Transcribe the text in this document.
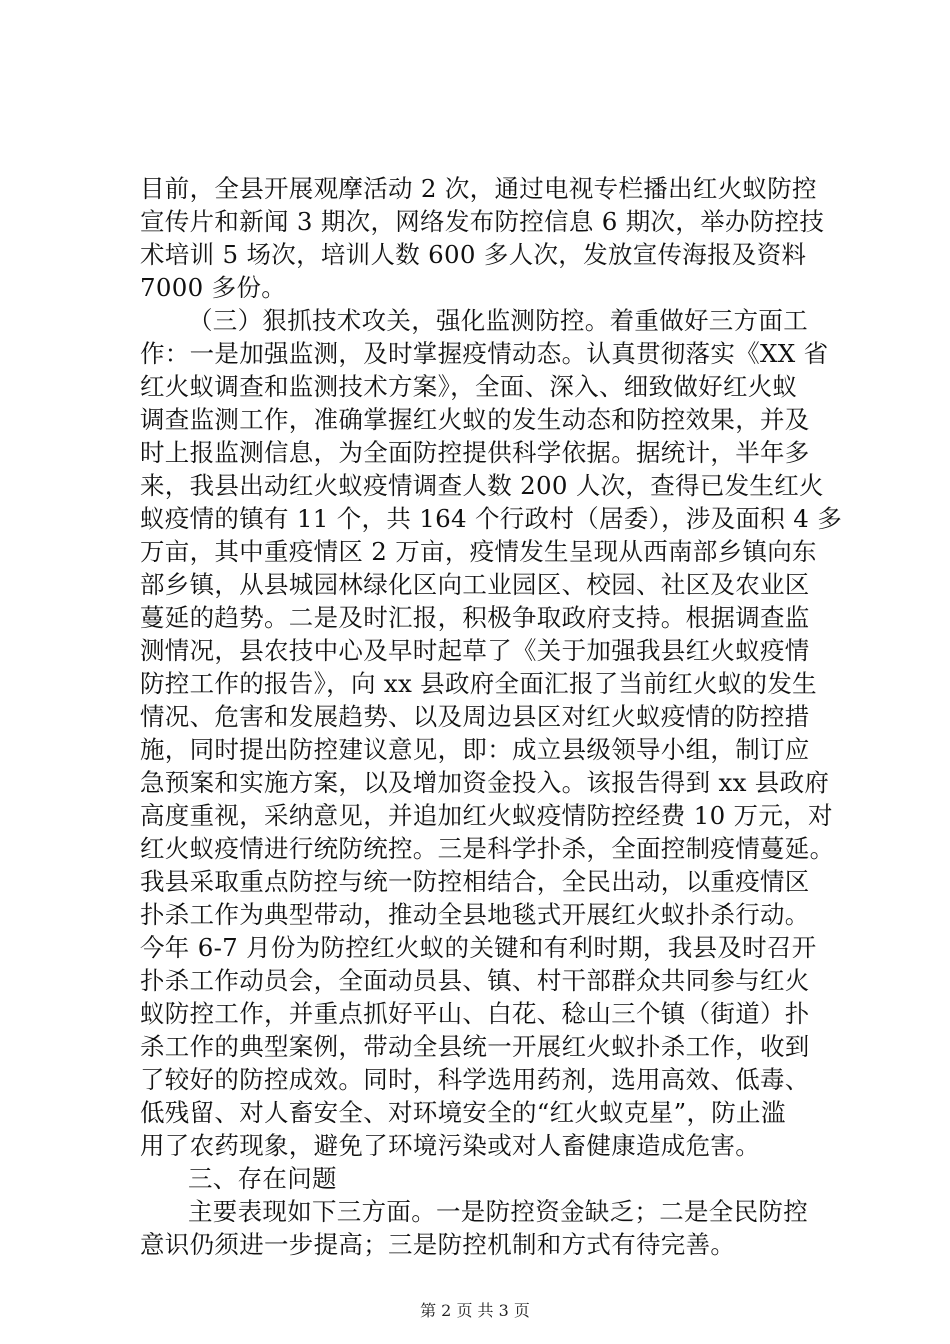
目前，全县开展观摩活动 2 次，通过电视专栏播出红火蚁防控
宣传片和新闻 3 期次，网络发布防控信息 6 期次，举办防控技
术培训 5 场次，培训人数 600 多人次，发放宣传海报及资料
7000 多份。
（三）狠抓技术攻关，强化监测防控。着重做好三方面工
作：一是加强监测，及时掌握疫情动态。认真贯彻落实《XX 省
红火蚁调查和监测技术方案》，全面、深入、细致做好红火蚁
调查监测工作，准确掌握红火蚁的发生动态和防控效果，并及
时上报监测信息，为全面防控提供科学依据。据统计，半年多
来，我县出动红火蚁疫情调查人数 200 人次，查得已发生红火
蚁疫情的镇有 11 个，共 164 个行政村（居委），涉及面积 4 多
万亩，其中重疫情区 2 万亩，疫情发生呈现从西南部乡镇向东
部乡镇，从县城园林绿化区向工业园区、校园、社区及农业区
蔓延的趋势。二是及时汇报，积极争取政府支持。根据调查监
测情况，县农技中心及早时起草了《关于加强我县红火蚁疫情
防控工作的报告》，向 xx 县政府全面汇报了当前红火蚁的发生
情况、危害和发展趋势、以及周边县区对红火蚁疫情的防控措
施，同时提出防控建议意见，即：成立县级领导小组，制订应
急预案和实施方案，以及增加资金投入。该报告得到 xx 县政府
高度重视，采纳意见，并追加红火蚁疫情防控经费 10 万元，对
红火蚁疫情进行统防统控。三是科学扑杀，全面控制疫情蔓延。
我县采取重点防控与统一防控相结合，全民出动，以重疫情区
扑杀工作为典型带动，推动全县地毯式开展红火蚁扑杀行动。
今年 6-7 月份为防控红火蚁的关键和有利时期，我县及时召开
扑杀工作动员会，全面动员县、镇、村干部群众共同参与红火
蚁防控工作，并重点抓好平山、白花、稔山三个镇（街道）扑
杀工作的典型案例，带动全县统一开展红火蚁扑杀工作，收到
了较好的防控成效。同时，科学选用药剂，选用高效、低毒、
低残留、对人畜安全、对环境安全的“红火蚁克星”，防止滥
用了农药现象，避免了环境污染或对人畜健康造成危害。
三、存在问题
主要表现如下三方面。一是防控资金缺乏；二是全民防控
意识仍须进一步提高；三是防控机制和方式有待完善。
第 2 页 共 3 页
